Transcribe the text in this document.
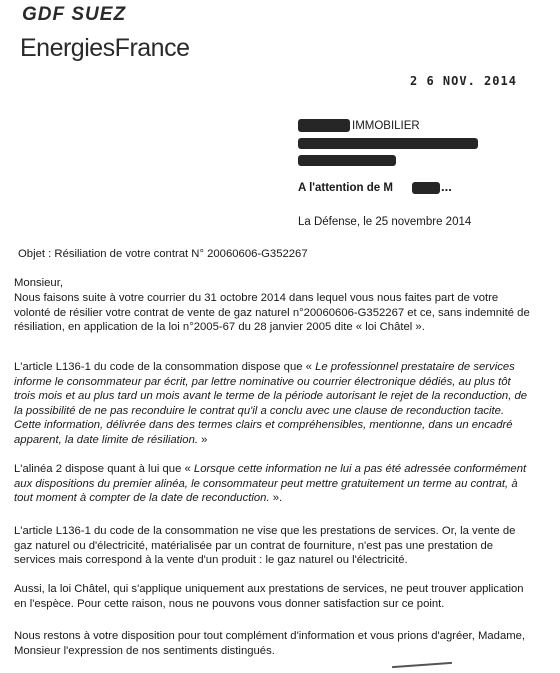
GDF SUEZ
EnergiesFrance
2 6 NOV. 2014
IMMOBILIER
A l'attention de M	...
La Défense, le 25 novembre 2014
Objet : Résiliation de votre contrat N° 20060606-G352267
Monsieur,

Nous faisons suite à votre courrier du 31 octobre 2014 dans lequel vous nous faites part de votre volonté de résilier votre contrat de vente de gaz naturel n°20060606-G352267 et ce, sans indemnité de résiliation, en application de la loi n°2005-67 du 28 janvier 2005 dite « loi Châtel ».

L'article L136-1 du code de la consommation dispose que « Le professionnel prestataire de services informe le consommateur par écrit, par lettre nominative ou courrier électronique dédiés, au plus tôt trois mois et au plus tard un mois avant le terme de la période autorisant le rejet de la reconduction, de la possibilité de ne pas reconduire le contrat qu'il a conclu avec une clause de reconduction tacite. Cette information, délivrée dans des termes clairs et compréhensibles, mentionne, dans un encadré apparent, la date limite de résiliation. »

L'alinéa 2 dispose quant à lui que « Lorsque cette information ne lui a pas été adressée conformément aux dispositions du premier alinéa, le consommateur peut mettre gratuitement un terme au contrat, à tout moment à compter de la date de reconduction. ».

L'article L136-1 du code de la consommation ne vise que les prestations de services. Or, la vente de gaz naturel ou d'électricité, matérialisée par un contrat de fourniture, n'est pas une prestation de services mais correspond à la vente d'un produit : le gaz naturel ou l'électricité.

Aussi, la loi Châtel, qui s'applique uniquement aux prestations de services, ne peut trouver application en l'espèce. Pour cette raison, nous ne pouvons vous donner satisfaction sur ce point.

Nous restons à votre disposition pour tout complément d'information et vous prions d'agréer, Madame, Monsieur l'expression de nos sentiments distingués.
